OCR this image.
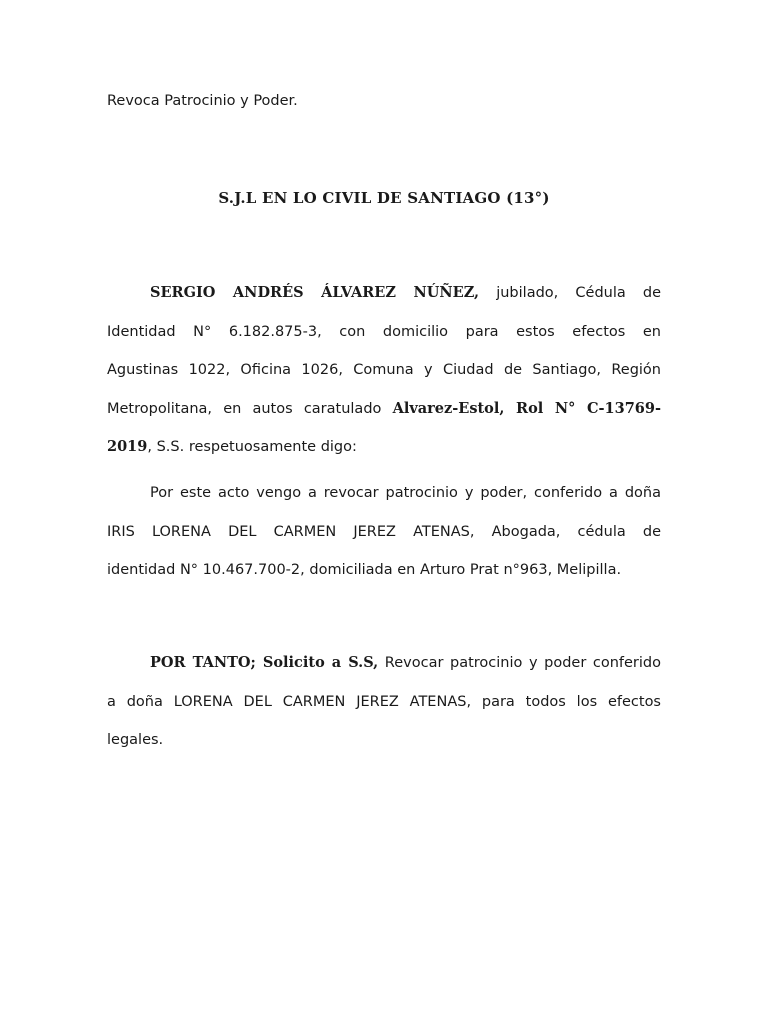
Revoca Patrocinio y Poder.

S.J.L EN LO CIVIL DE SANTIAGO (13°)

SERGIO ANDRÉS ÁLVAREZ NÚÑEZ, jubilado, Cédula de
Identidad N° 6.182.875-3, con domicilio para estos efectos en
Agustinas 1022, Oficina 1026, Comuna y Ciudad de Santiago, Región
Metropolitana, en autos caratulado Alvarez-Estol, Rol N° C-13769-
2019, S.S. respetuosamente digo:
Por este acto vengo a revocar patrocinio y poder, conferido a doña
IRIS LORENA DEL CARMEN JEREZ ATENAS, Abogada, cédula de
identidad N° 10.467.700-2, domiciliada en Arturo Prat n°963, Melipilla.
POR TANTO; Solicito a S.S, Revocar patrocinio y poder conferido
a doña LORENA DEL CARMEN JEREZ ATENAS, para todos los efectos
legales.
